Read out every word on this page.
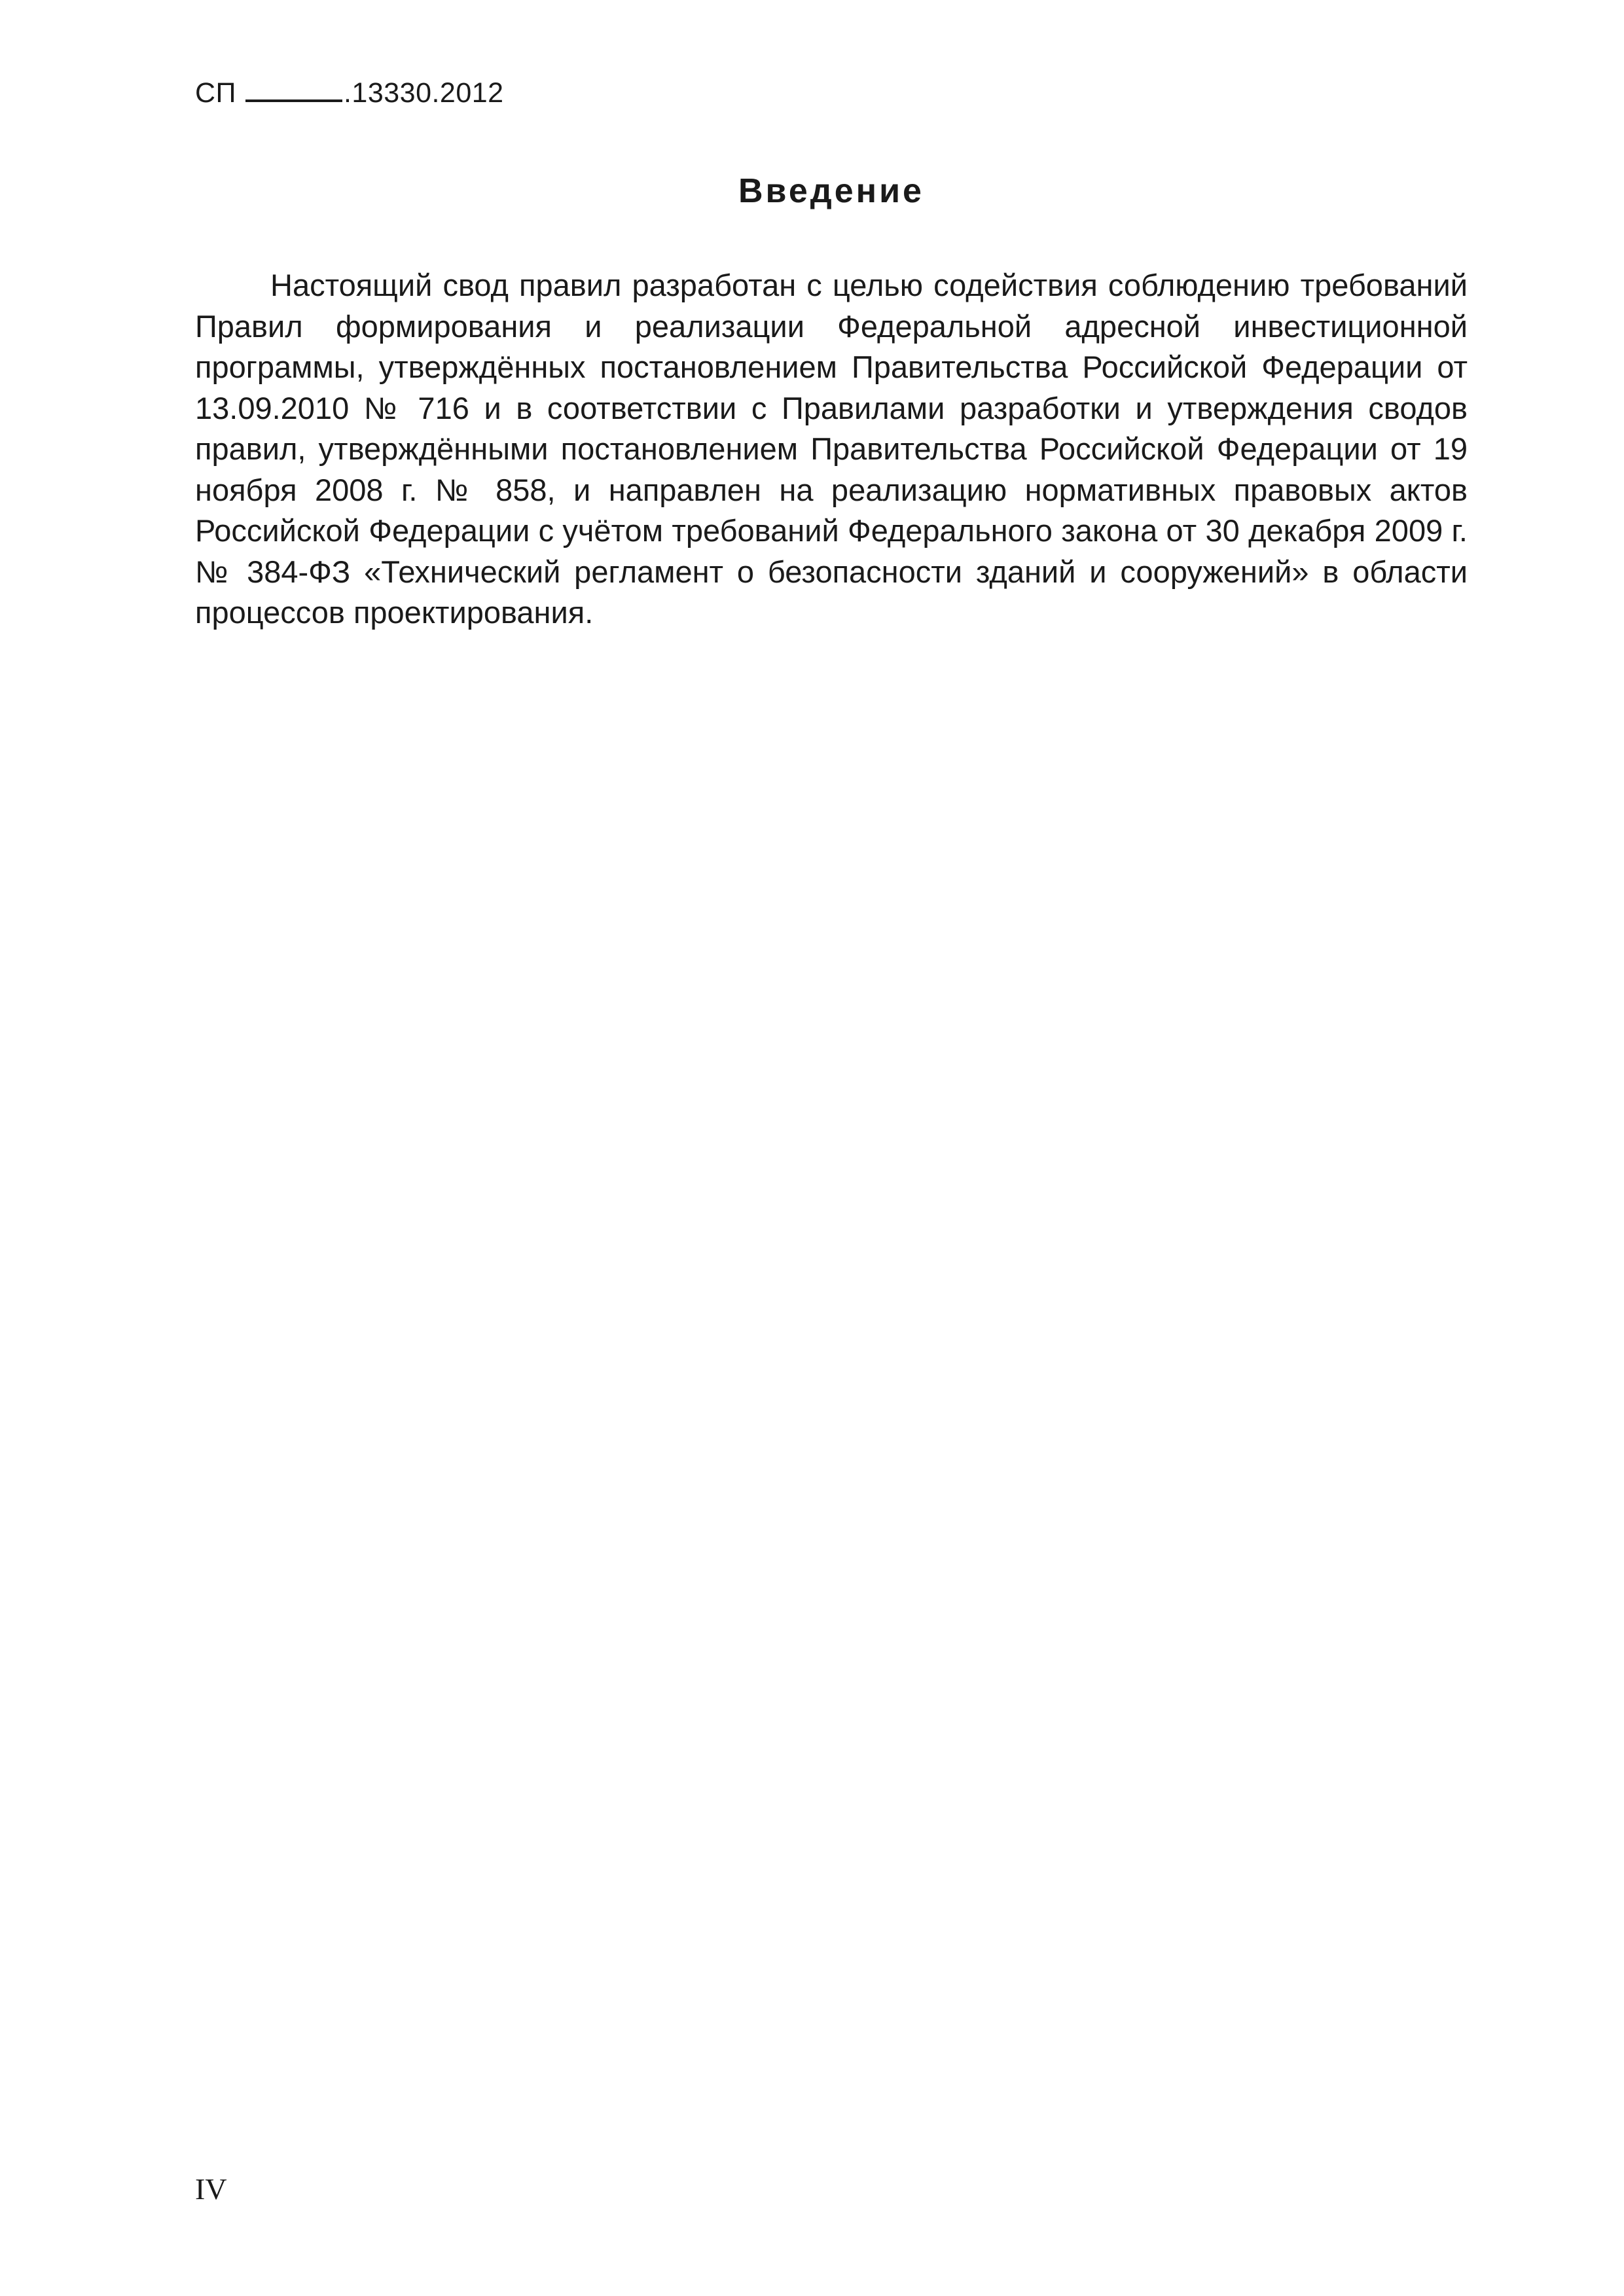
СП	.13330.2012
Введение

Настоящий свод правил разработан с целью содействия соблюдению требований Правил формирования и реализации Федеральной адресной инвестиционной программы, утверждённых постановлением Правительства Российской Федерации от 13.09.2010 № 716 и в соответствии с Правилами разработки и утверждения сводов правил, утверждёнными постановлением Правительства Российской Федерации от 19 ноября 2008 г. № 858, и направлен на реализацию нормативных правовых актов Российской Федерации с учётом требований Федерального закона от 30 декабря 2009 г. № 384-ФЗ «Технический регламент о безопасности зданий и сооружений» в области процессов проектирования.

IV
